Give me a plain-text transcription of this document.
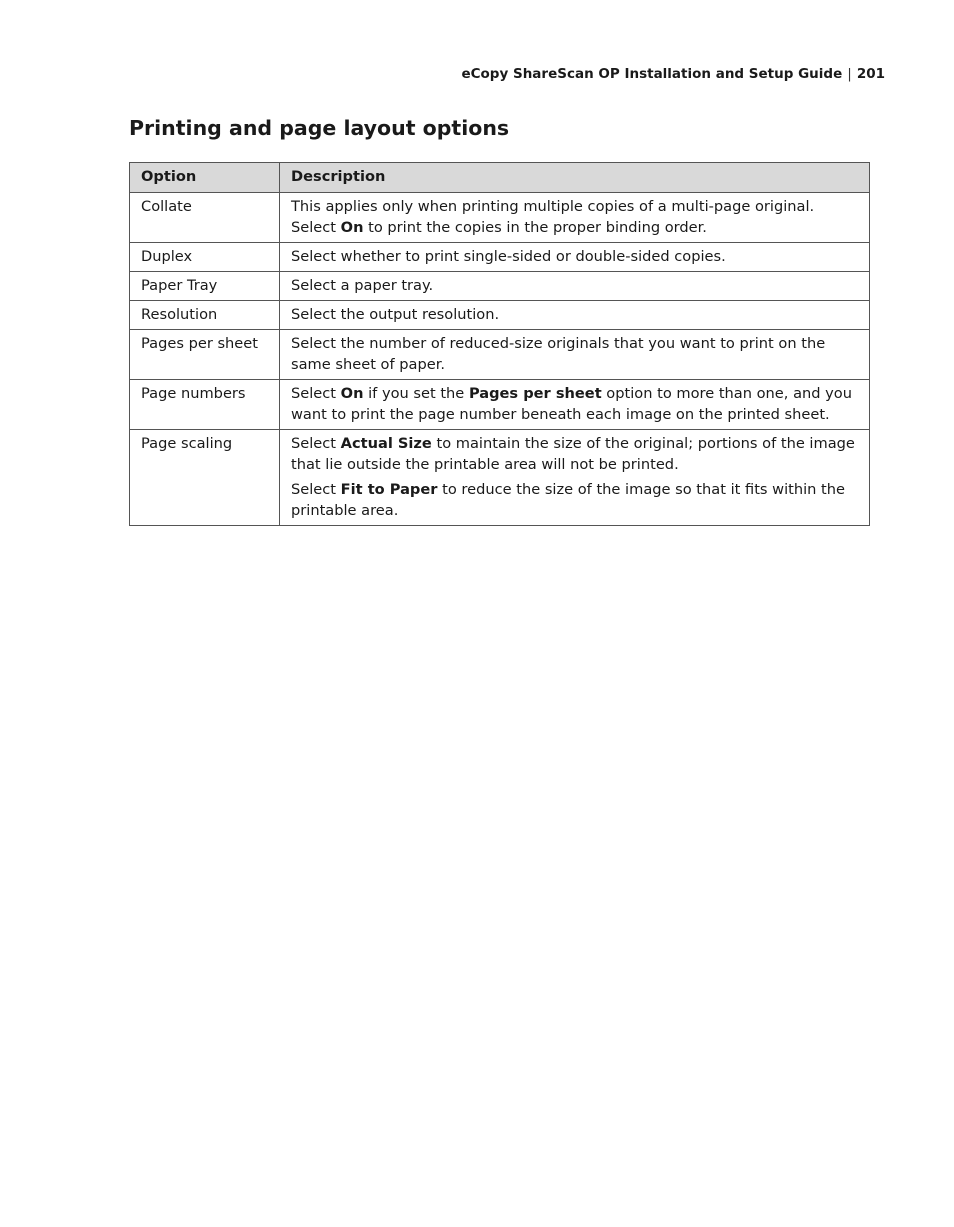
eCopy ShareScan OP Installation and Setup Guide | 201
Printing and page layout options
Option	Description
Collate	This applies only when printing multiple copies of a multi-page original. Select On to print the copies in the proper binding order.
Duplex	Select whether to print single-sided or double-sided copies.
Paper Tray	Select a paper tray.
Resolution	Select the output resolution.
Pages per sheet	Select the number of reduced-size originals that you want to print on the same sheet of paper.
Page numbers	Select On if you set the Pages per sheet option to more than one, and you want to print the page number beneath each image on the printed sheet.
Page scaling	Select Actual Size to maintain the size of the original; portions of the image that lie outside the printable area will not be printed.

Select Fit to Paper to reduce the size of the image so that it fits within the printable area.
